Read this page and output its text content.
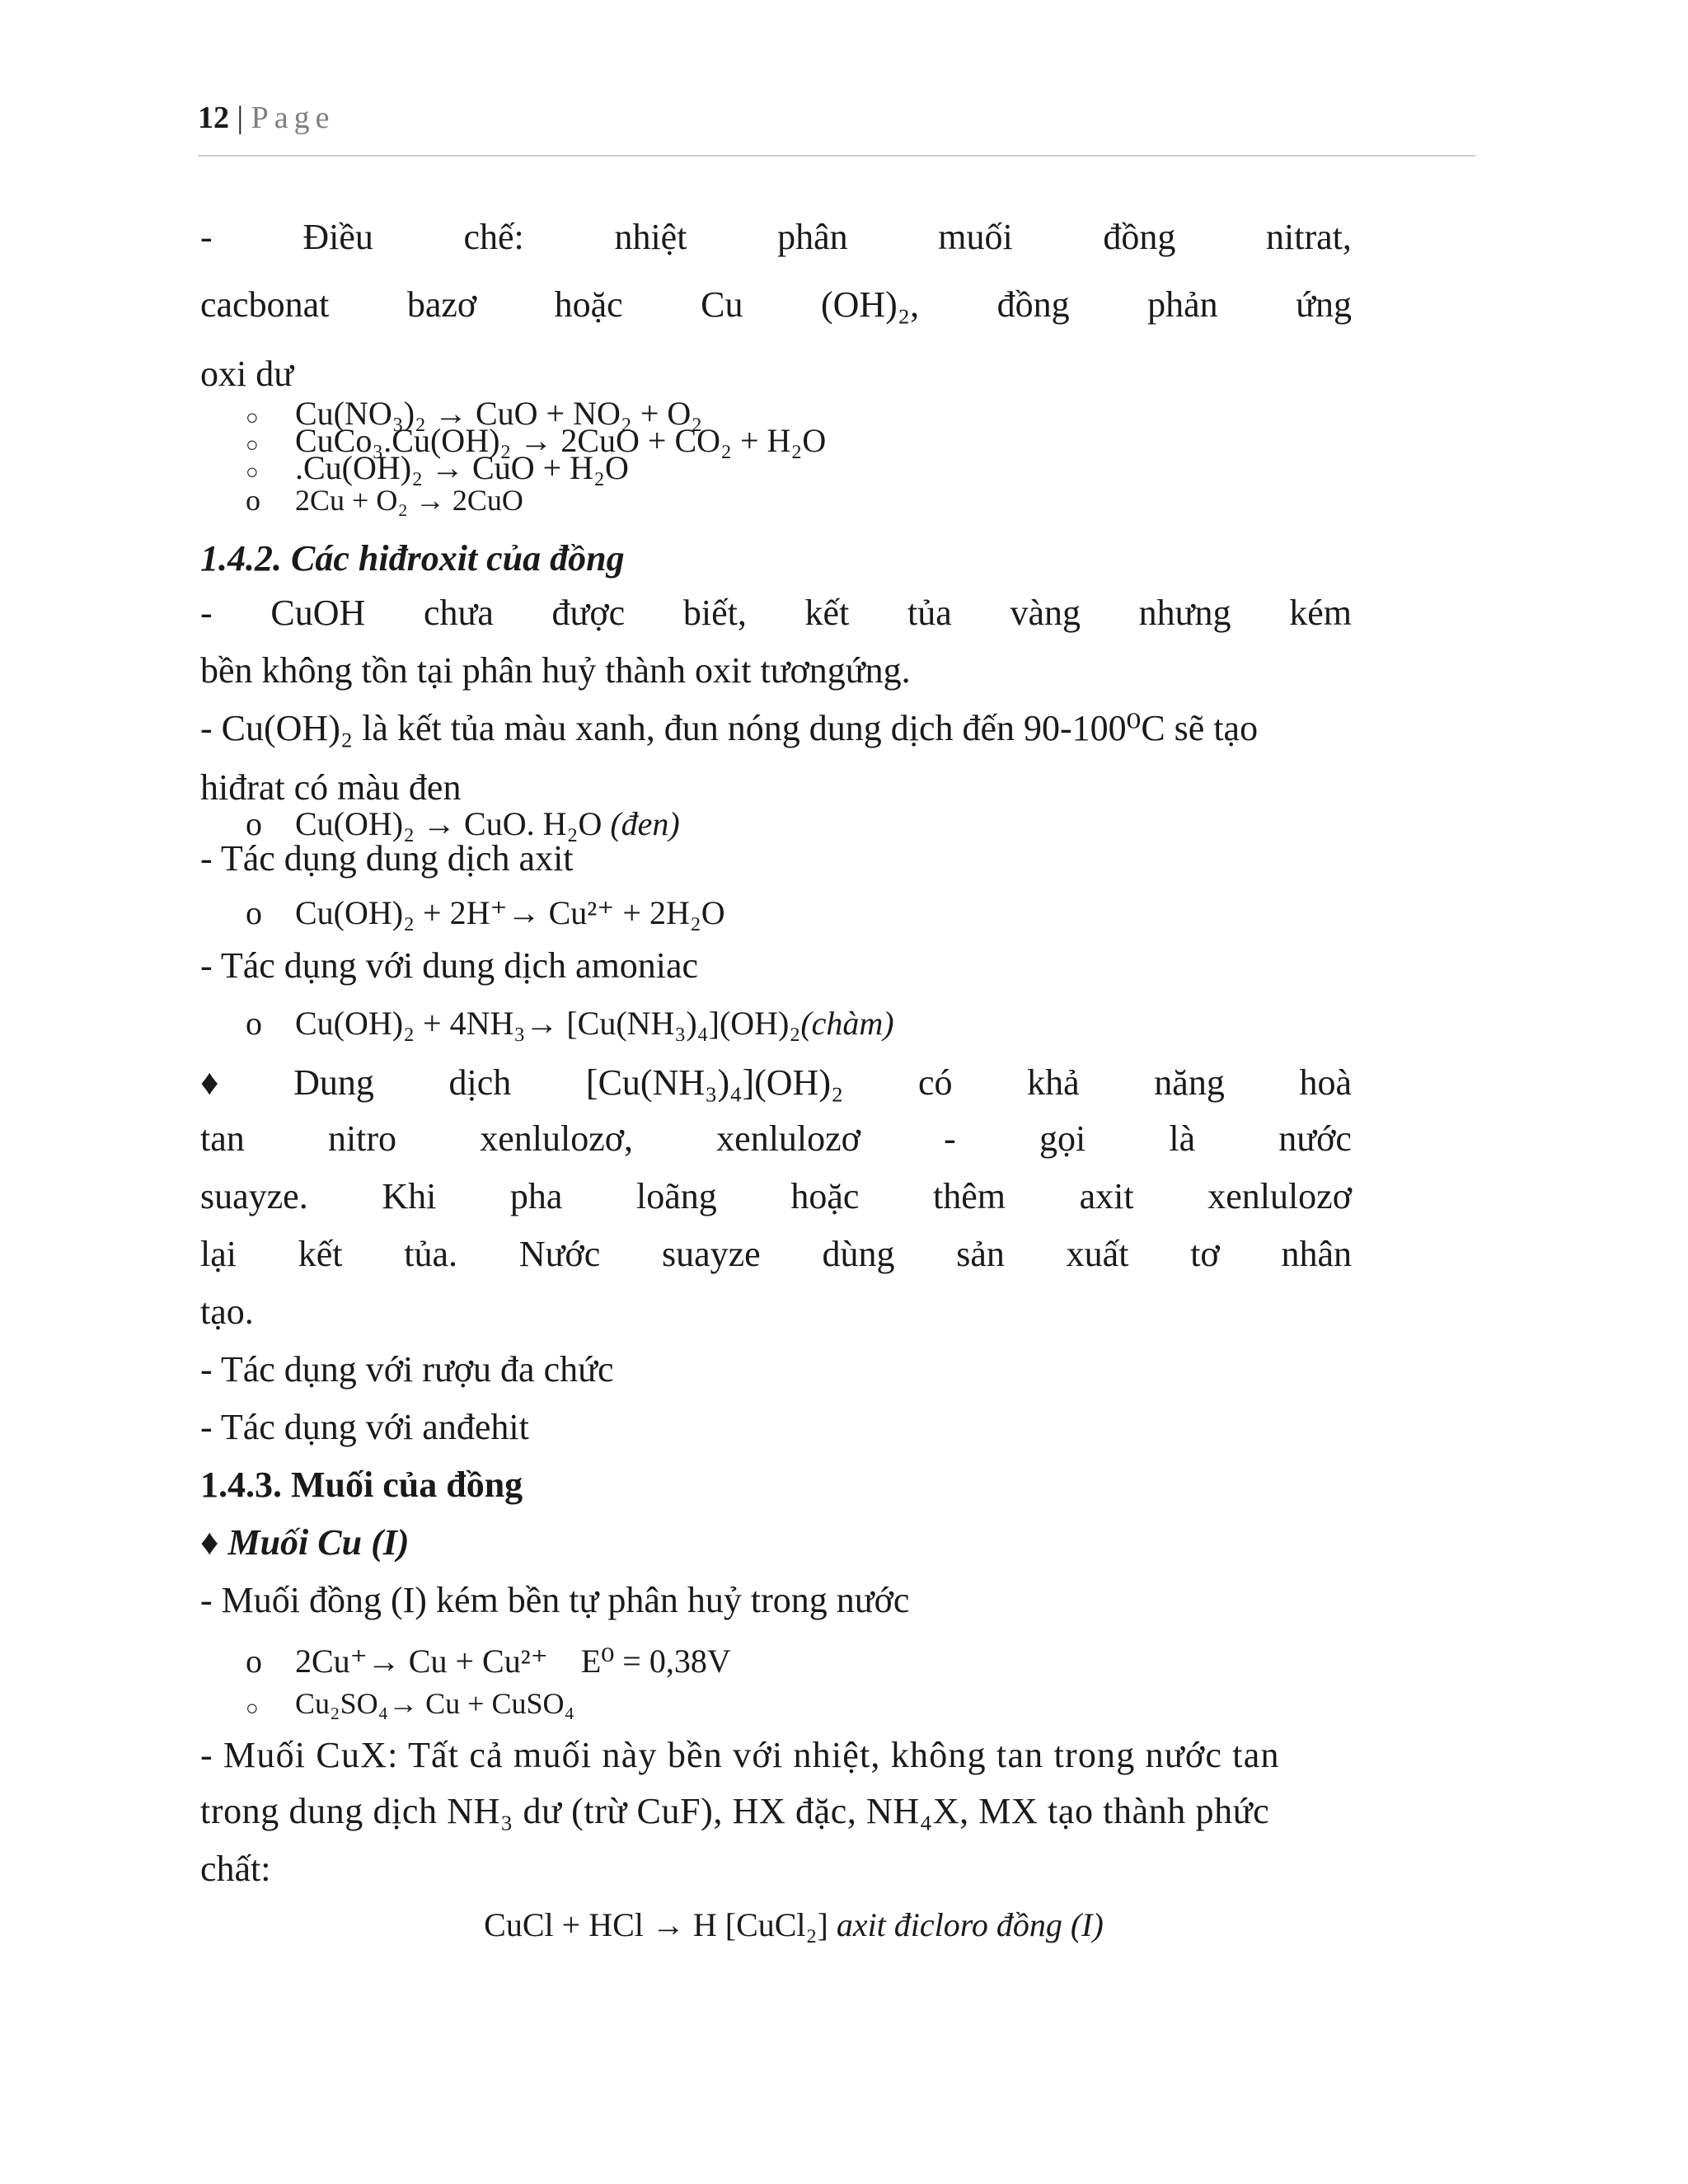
12 | Page
- Điều chế: nhiệt phân muối đồng nitrat,
cacbonat bazơ hoặc Cu (OH)₂, đồng phản ứng
oxi dư
○ Cu(NO₃)₂ → CuO + NO₂ + O₂
○ CuCo₃.Cu(OH)₂ → 2CuO + CO₂ + H₂O
○ .Cu(OH)₂ → CuO + H₂O
o 2Cu + O₂ → 2CuO
1.4.2. Các hiđroxit của đồng
- CuOH chưa được biết, kết tủa vàng nhưng kém
bền không tồn tại phân huỷ thành oxit tươngứng.
- Cu(OH)₂ là kết tủa màu xanh, đun nóng dung dịch đến 90-100⁰C sẽ tạo
hiđrat có màu đen
o Cu(OH)₂ → CuO. H₂O (đen)
- Tác dụng dung dịch axit
o Cu(OH)₂ + 2H⁺→ Cu²⁺ + 2H₂O
- Tác dụng với dung dịch amoniac
o Cu(OH)₂ + 4NH₃→ [Cu(NH₃)₄](OH)₂(chàm)
♦ Dung dịch [Cu(NH₃)₄](OH)₂ có khả năng hoà
tan nitro xenlulozơ, xenlulozơ - gọi là nước
suayze. Khi pha loãng hoặc thêm axit xenlulozơ
lại kết tủa. Nước suayze dùng sản xuất tơ nhân
tạo.
- Tác dụng với rượu đa chức
- Tác dụng với anđehit
1.4.3. Muối của đồng
♦ Muối Cu (I)
- Muối đồng (I) kém bền tự phân huỷ trong nước
o 2Cu⁺→ Cu + Cu²⁺ E⁰ = 0,38V
○ Cu₂SO₄→ Cu + CuSO₄
- Muối CuX: Tất cả muối này bền với nhiệt, không tan trong nước tan
trong dung dịch NH₃ dư (trừ CuF), HX đặc, NH₄X, MX tạo thành phức
chất:
CuCl + HCl → H [CuCl₂] axit đicloro đồng (I)
